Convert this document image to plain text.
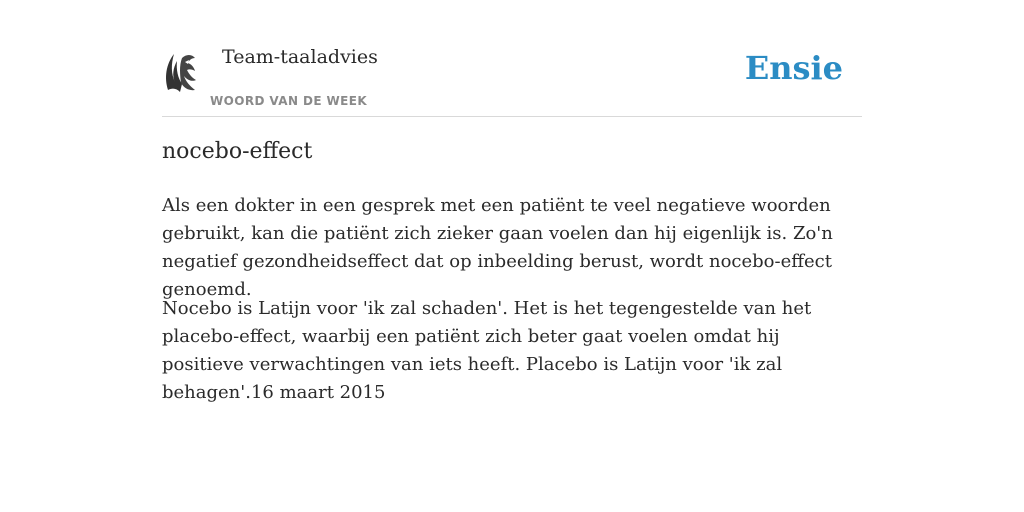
Team-taaladvies
WOORD VAN DE WEEK
Ensie
nocebo-effect

Als een dokter in een gesprek met een patiënt te veel negatieve woorden gebruikt, kan die patiënt zich zieker gaan voelen dan hij eigenlijk is. Zo'n negatief gezondheidseffect dat op inbeelding berust, wordt nocebo-effect genoemd.

Nocebo is Latijn voor 'ik zal schaden'. Het is het tegengestelde van het placebo-effect, waarbij een patiënt zich beter gaat voelen omdat hij positieve verwachtingen van iets heeft. Placebo is Latijn voor 'ik zal behagen'.16 maart 2015
